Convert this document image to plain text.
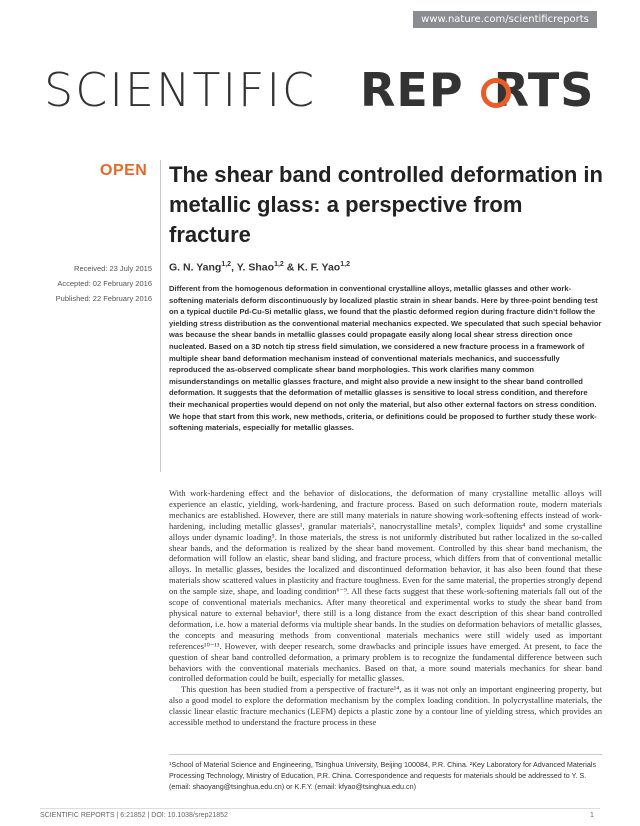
www.nature.com/scientificreports
SCIENTIFIC REP RTS
OPEN The shear band controlled deformation in metallic glass: a perspective from fracture
G. N. Yang$^{1,2}$, Y. Shao$^{1,2}$ & K. F. Yao$^{1,2}$
Received: 23 July 2015
Accepted: 02 February 2016
Published: 22 February 2016

Different from the homogenous deformation in conventional crystalline alloys, metallic glasses and other work-softening materials deform discontinuously by localized plastic strain in shear bands. Here by three-point bending test on a typical ductile Pd-Cu-Si metallic glass, we found that the plastic deformed region during fracture didn’t follow the yielding stress distribution as the conventional material mechanics expected. We speculated that such special behavior was because the shear bands in metallic glasses could propagate easily along local shear stress direction once nucleated. Based on a 3D notch tip stress field simulation, we considered a new fracture process in a framework of multiple shear band deformation mechanism instead of conventional materials mechanics, and successfully reproduced the as-observed complicate shear band morphologies. This work clarifies many common misunderstandings on metallic glasses fracture, and might also provide a new insight to the shear band controlled deformation. It suggests that the deformation of metallic glasses is sensitive to local stress condition, and therefore their mechanical properties would depend on not only the material, but also other external factors on stress condition. We hope that start from this work, new methods, criteria, or definitions could be proposed to further study these work-softening materials, especially for metallic glasses.

With work-hardening effect and the behavior of dislocations, the deformation of many crystalline metallic alloys will experience an elastic, yielding, work-hardening, and fracture process. Based on such deformation route, modern materials mechanics are established. However, there are still many materials in nature showing work-softening effects instead of work-hardening, including metallic glasses¹, granular materials², nanocrystalline metals³, complex liquids⁴ and some crystalline alloys under dynamic loading⁵. In those materials, the stress is not uniformly distributed but rather localized in the so-called shear bands, and the deformation is realized by the shear band movement. Controlled by this shear band mechanism, the deformation will follow an elastic, shear band sliding, and fracture process, which differs from that of conventional metallic alloys. In metallic glasses, besides the localized and discontinued deformation behavior, it has also been found that these materials show scattered values in plasticity and fracture toughness. Even for the same material, the properties strongly depend on the sample size, shape, and loading condition⁶⁻⁹. All these facts suggest that these work-softening materials fall out of the scope of conventional materials mechanics. After many theoretical and experimental works to study the shear band from physical nature to external behavior¹, there still is a long distance from the exact description of this shear band controlled deformation, i.e. how a material deforms via multiple shear bands. In the studies on deformation behaviors of metallic glasses, the concepts and measuring methods from conventional materials mechanics were still widely used as important references¹⁰⁻¹³. However, with deeper research, some drawbacks and principle issues have emerged. At present, to face the question of shear band controlled deformation, a primary problem is to recognize the fundamental difference between such behaviors with the conventional materials mechanics. Based on that, a more sound materials mechanics for shear band controlled deformation could be built, especially for metallic glasses.

This question has been studied from a perspective of fracture¹⁴, as it was not only an important engineering property, but also a good model to explore the deformation mechanism by the complex loading condition. In polycrystalline materials, the classic linear elastic fracture mechanics (LEFM) depicts a plastic zone by a contour line of yielding stress, which provides an accessible method to understand the fracture process in these

¹School of Material Science and Engineering, Tsinghua University, Beijing 100084, P.R. China. ²Key Laboratory for Advanced Materials Processing Technology, Ministry of Education, P.R. China. Correspondence and requests for materials should be addressed to Y. S. (email: shaoyang@tsinghua.edu.cn) or K.F.Y. (email: kfyao@tsinghua.edu.cn)
SCIENTIFIC REPORTS | 6:21852 | DOI: 10.1038/srep21852	1
